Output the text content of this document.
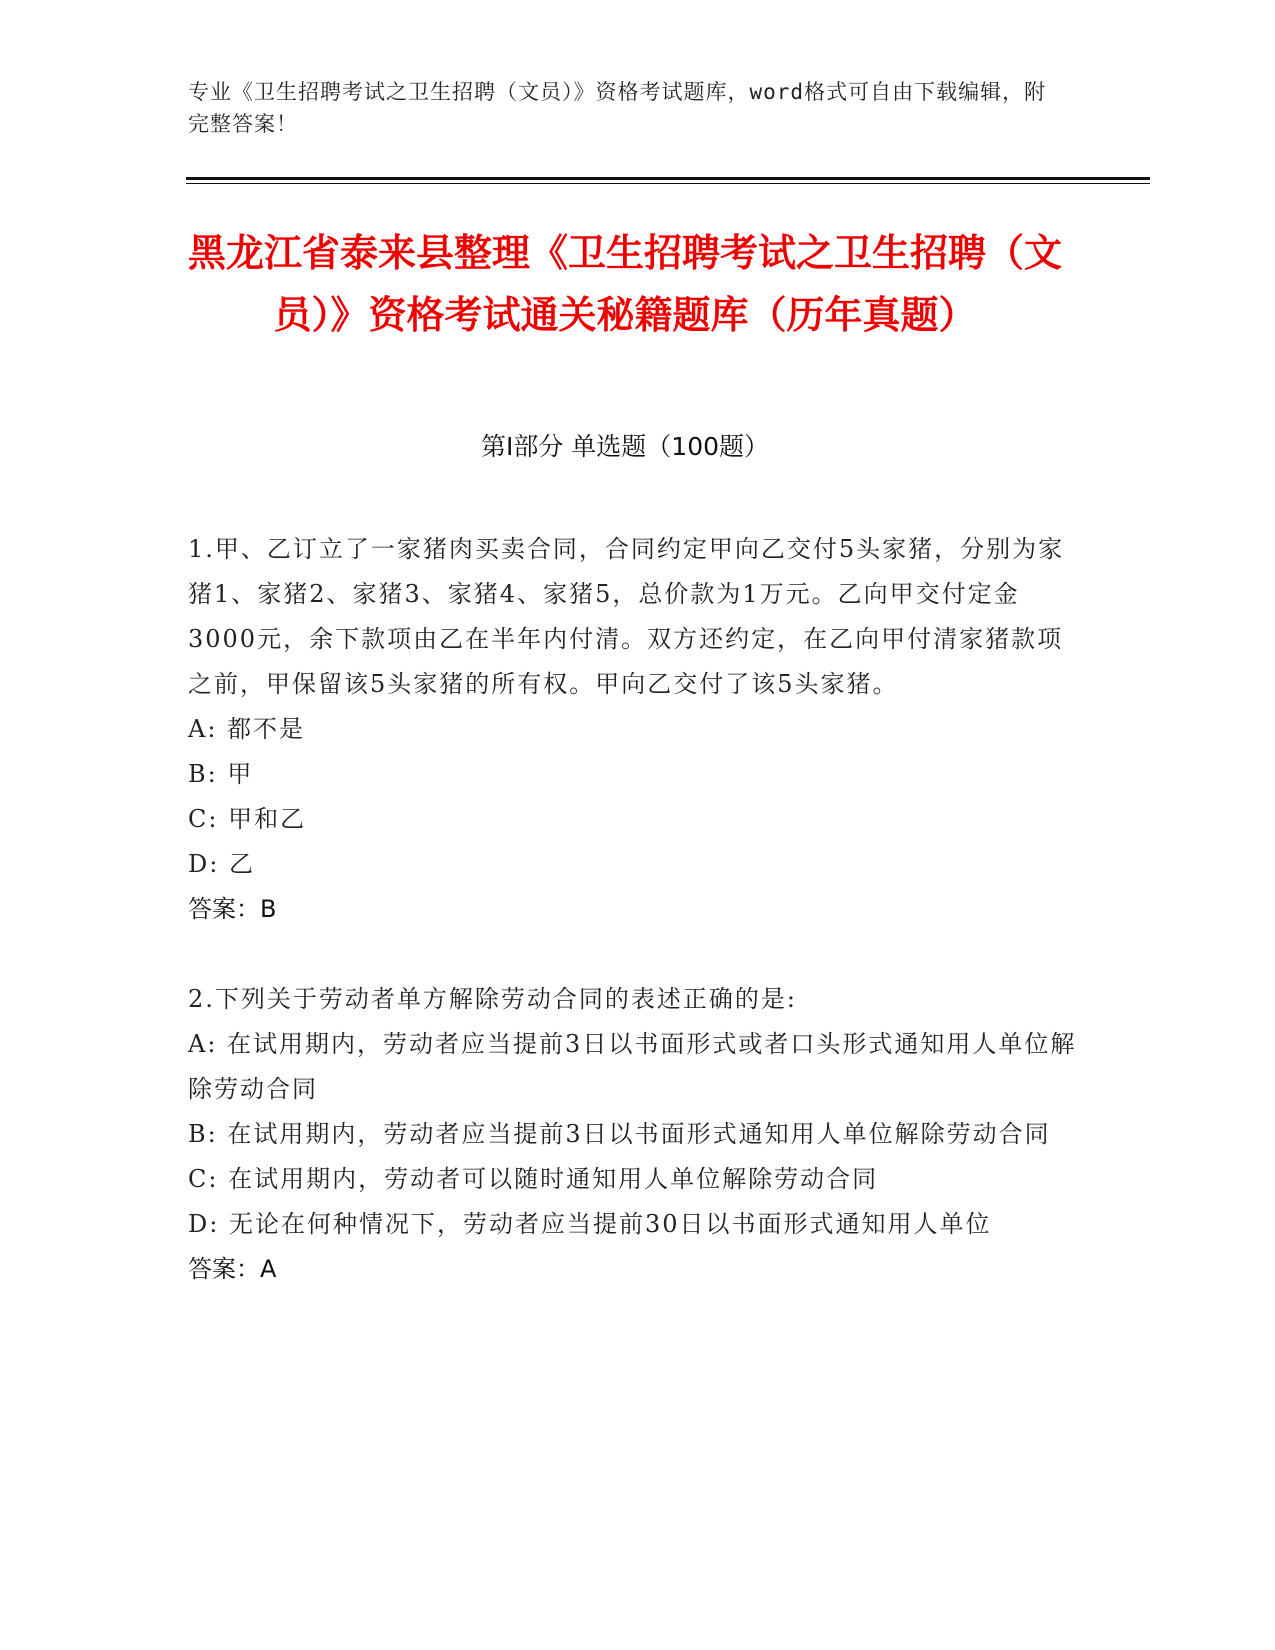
专业《卫生招聘考试之卫生招聘（文员）》资格考试题库，word格式可自由下载编辑，附完整答案！
黑龙江省泰来县整理《卫生招聘考试之卫生招聘（文员）》资格考试通关秘籍题库（历年真题）
第I部分 单选题（100题）

1.甲、乙订立了一家猪肉买卖合同，合同约定甲向乙交付5头家猪，分别为家猪1、家猪2、家猪3、家猪4、家猪5，总价款为1万元。乙向甲交付定金3000元，余下款项由乙在半年内付清。双方还约定，在乙向甲付清家猪款项之前，甲保留该5头家猪的所有权。甲向乙交付了该5头家猪。

A: 都不是

B: 甲

C: 甲和乙

D: 乙

答案：B

2.下列关于劳动者单方解除劳动合同的表述正确的是:

A: 在试用期内，劳动者应当提前3日以书面形式或者口头形式通知用人单位解除劳动合同

B: 在试用期内，劳动者应当提前3日以书面形式通知用人单位解除劳动合同

C: 在试用期内，劳动者可以随时通知用人单位解除劳动合同

D: 无论在何种情况下，劳动者应当提前30日以书面形式通知用人单位

答案：A
